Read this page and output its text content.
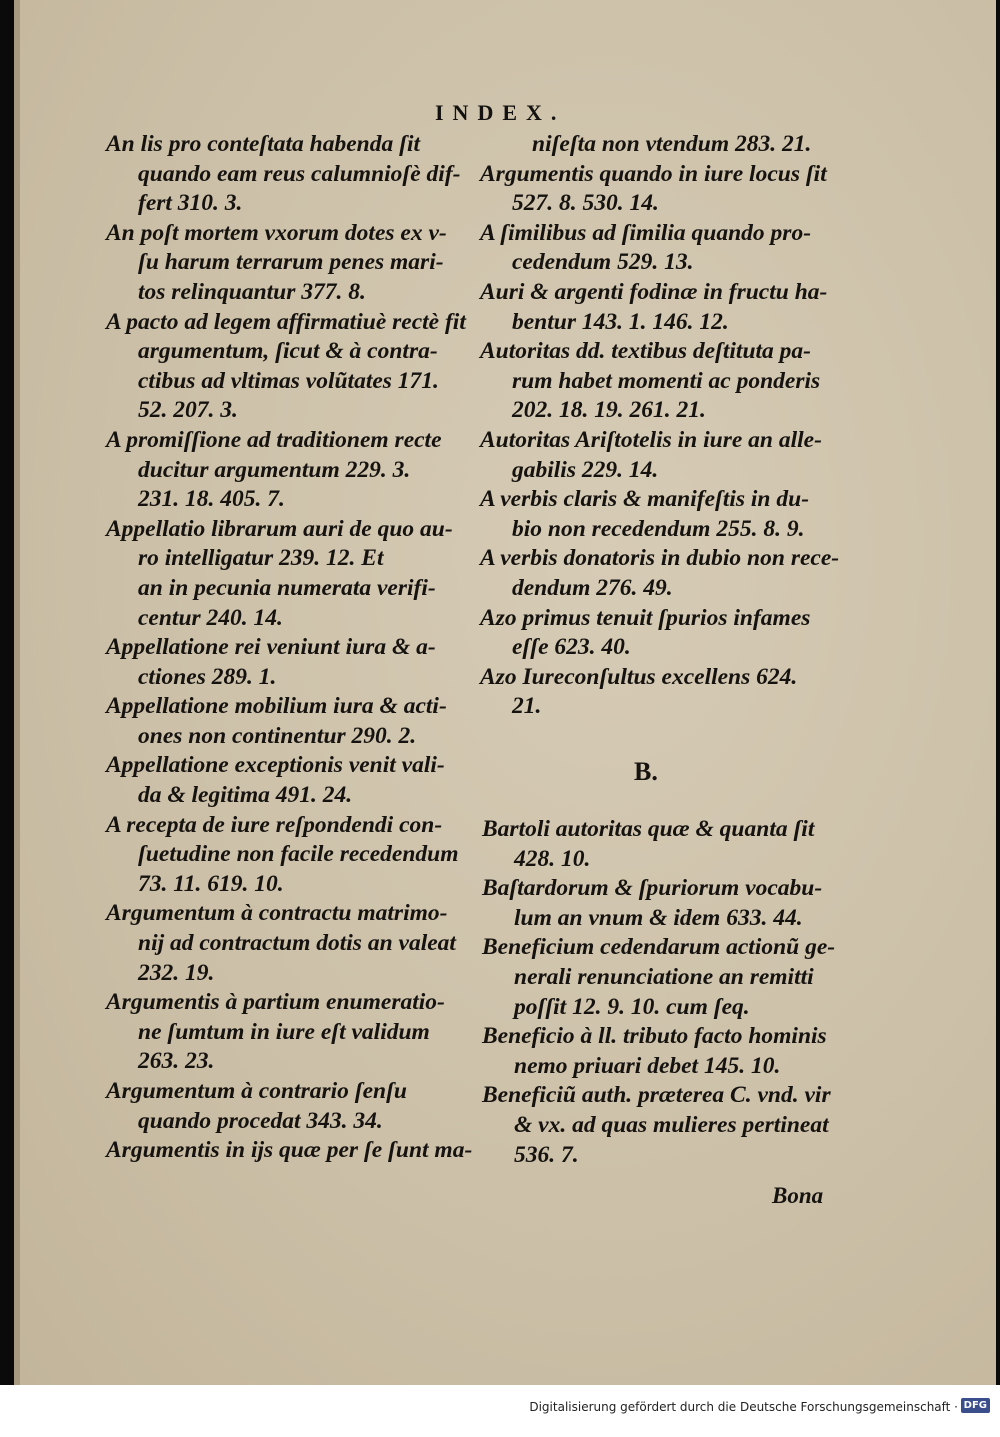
INDEX.

An lis pro conteſtata habenda ſit

quando eam reus calumnioſè dif-

fert 310. 3.

An poſt mortem vxorum dotes ex v-

ſu harum terrarum penes mari-

tos relinquantur 377. 8.

A pacto ad legem affirmatiuè rectè fit

argumentum, ſicut & à contra-

ctibus ad vltimas volũtates 171.

52. 207. 3.

A promiſſione ad traditionem recte

ducitur argumentum 229. 3.

231. 18. 405. 7.

Appellatio librarum auri de quo au-

ro intelligatur 239. 12. Et

an in pecunia numerata verifi-

centur 240. 14.

Appellatione rei veniunt iura & a-

ctiones 289. 1.

Appellatione mobilium iura & acti-

ones non continentur 290. 2.

Appellatione exceptionis venit vali-

da & legitima 491. 24.

A recepta de iure reſpondendi con-

ſuetudine non facile recedendum

73. 11. 619. 10.

Argumentum à contractu matrimo-

nij ad contractum dotis an valeat

232. 19.

Argumentis à partium enumeratio-

ne ſumtum in iure eſt validum

263. 23.

Argumentum à contrario ſenſu

quando procedat 343. 34.

Argumentis in ijs quæ per ſe ſunt ma-

niſeſta non vtendum 283. 21.

Argumentis quando in iure locus ſit

527. 8. 530. 14.

A ſimilibus ad ſimilia quando pro-

cedendum 529. 13.

Auri & argenti fodinæ in fructu ha-

bentur 143. 1. 146. 12.

Autoritas dd. textibus deſtituta pa-

rum habet momenti ac ponderis

202. 18. 19. 261. 21.

Autoritas Ariſtotelis in iure an alle-

gabilis 229. 14.

A verbis claris & manifeſtis in du-

bio non recedendum 255. 8. 9.

A verbis donatoris in dubio non rece-

dendum 276. 49.

Azo primus tenuit ſpurios infames

eſſe 623. 40.

Azo Iureconſultus excellens 624.

21.

B.

Bartoli autoritas quæ & quanta ſit

428. 10.

Baſtardorum & ſpuriorum vocabu-

lum an vnum & idem 633. 44.

Beneficium cedendarum actionũ ge-

nerali renunciatione an remitti

poſſit 12. 9. 10. cum ſeq.

Beneficio à ll. tributo facto hominis

nemo priuari debet 145. 10.

Beneficiũ auth. præterea C. vnd. vir

& vx. ad quas mulieres pertineat

536. 7.

Bona
Digitalisierung gefördert durch die Deutsche Forschungsgemeinschaft · DFG
